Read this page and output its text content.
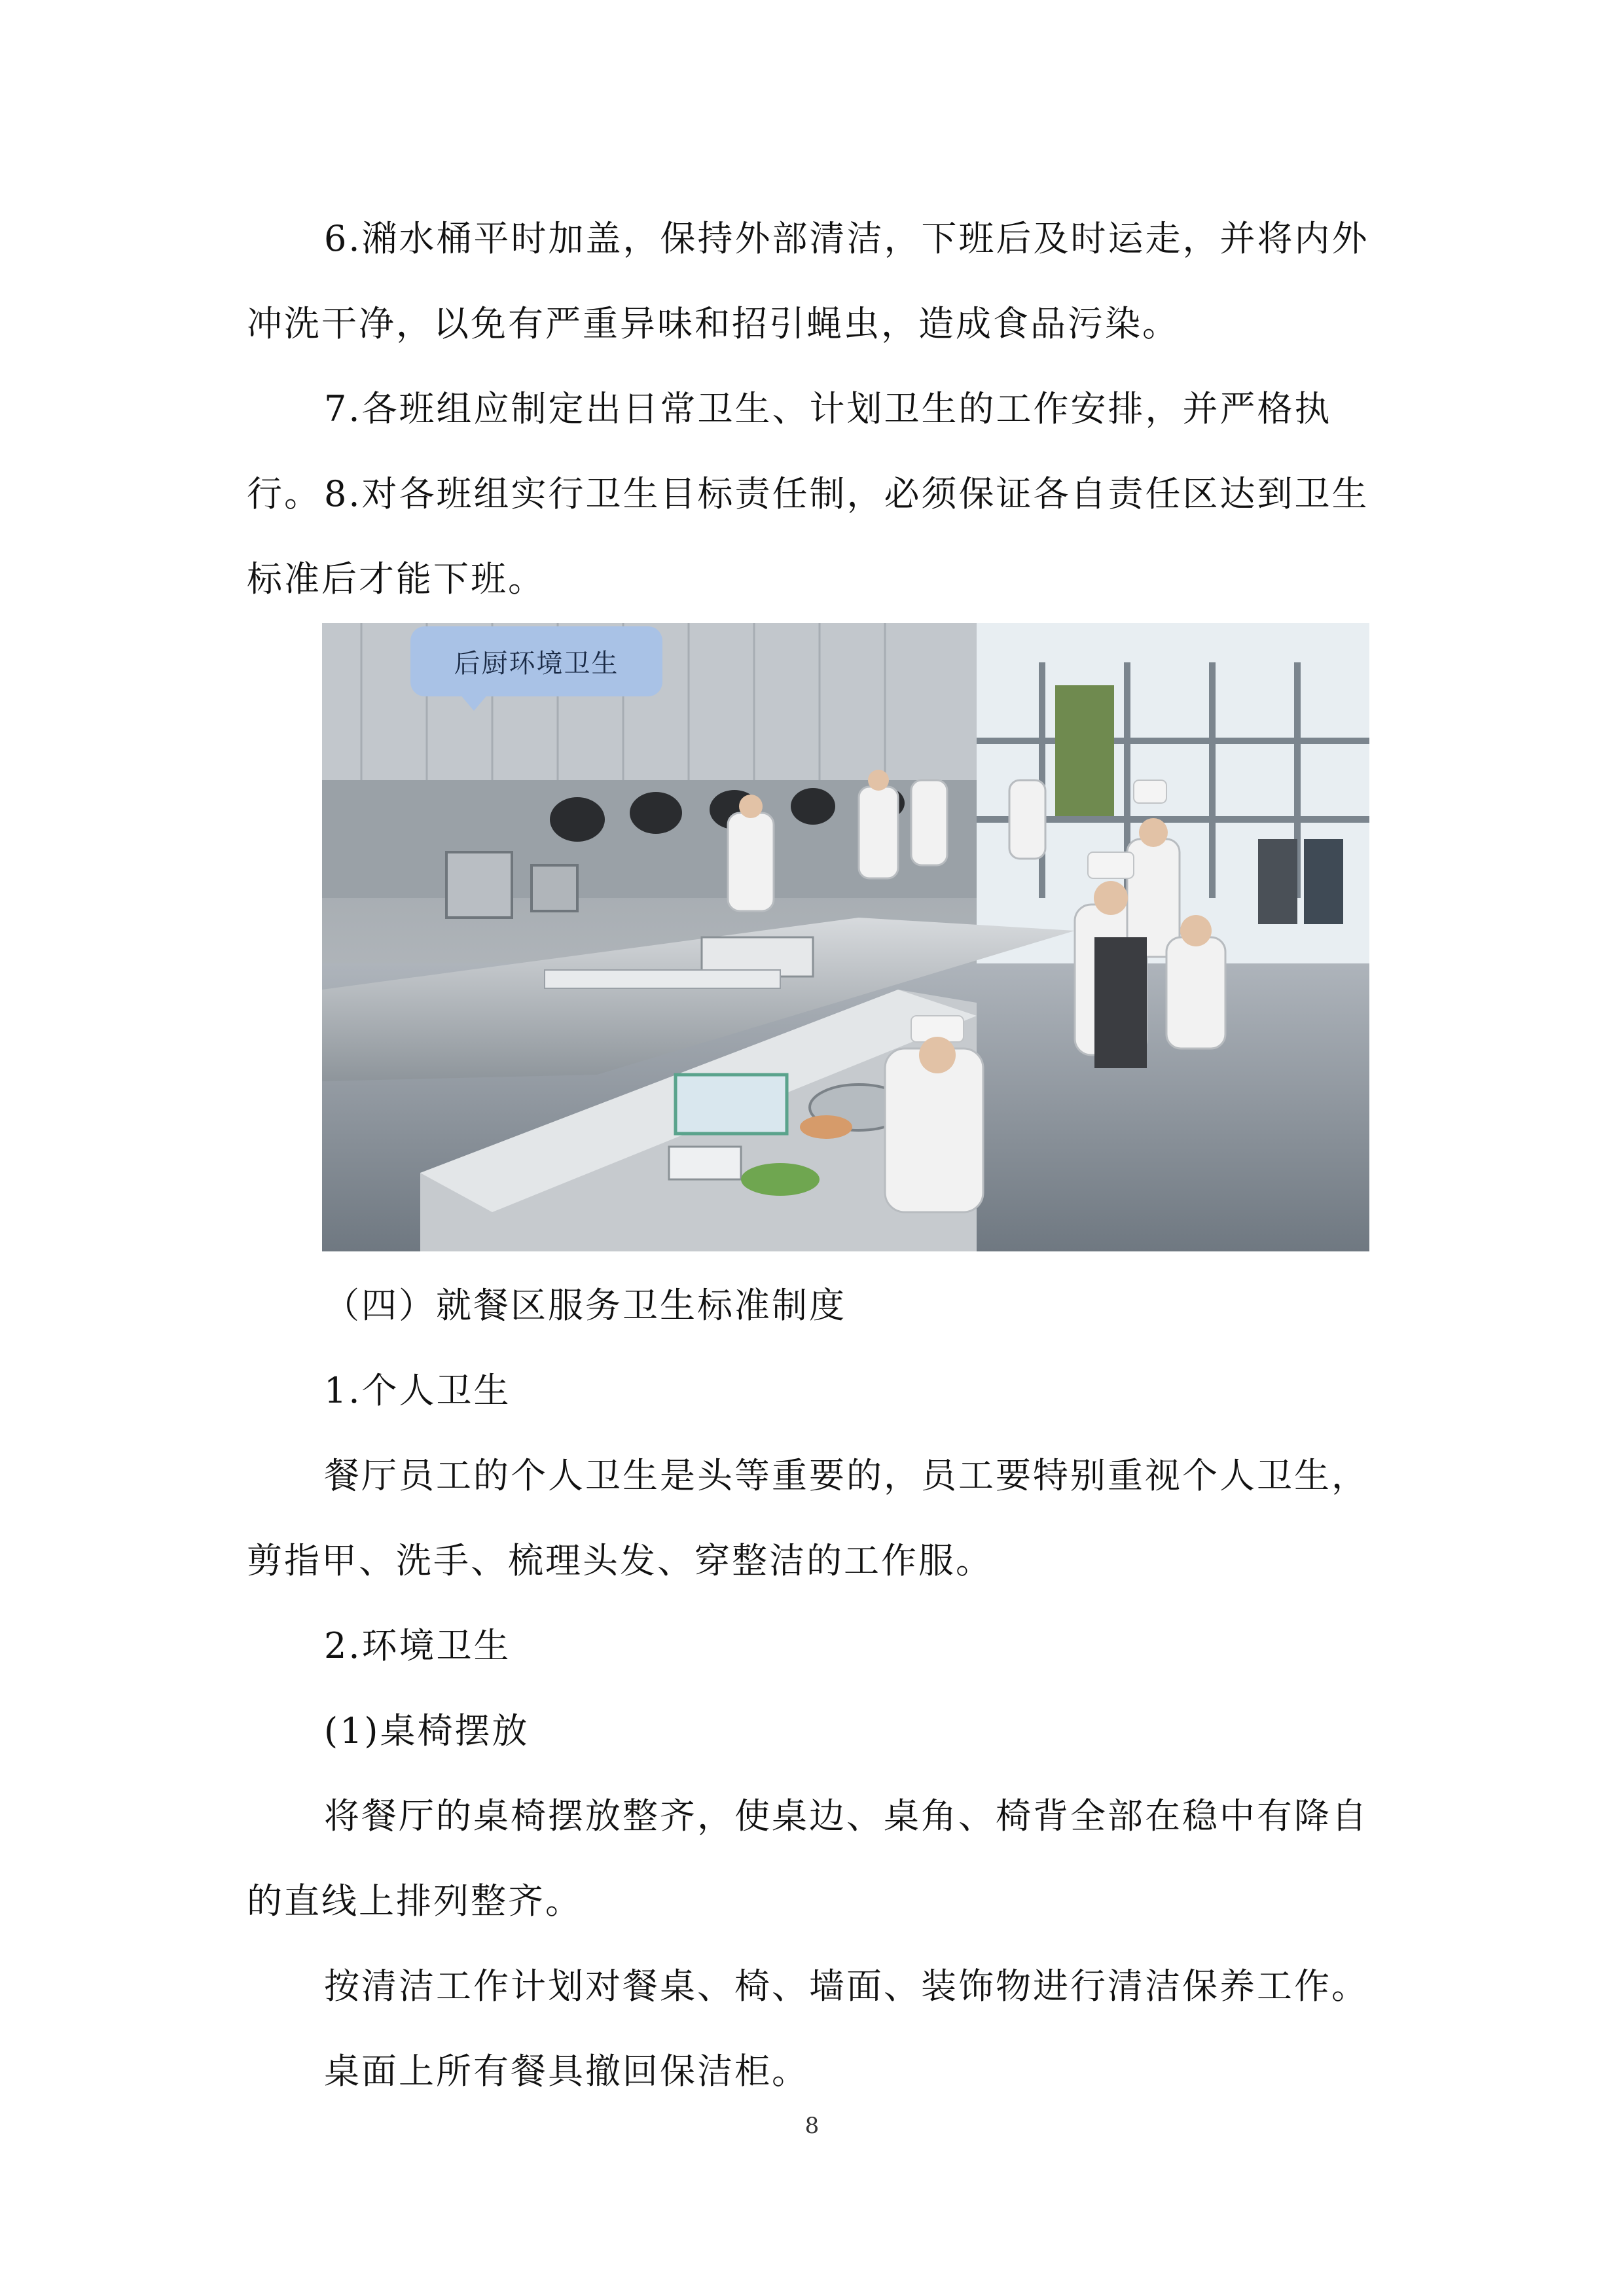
6.潲水桶平时加盖，保持外部清洁，下班后及时运走，并将内外冲洗干净，以免有严重异味和招引蝇虫，造成食品污染。

7.各班组应制定出日常卫生、计划卫生的工作安排，并严格执行。 8.对各班组实行卫生目标责任制，必须保证各自责任区达到卫生标准后才能下班。

后厨环境卫生

（四）就餐区服务卫生标准制度

1.个人卫生

餐厅员工的个人卫生是头等重要的，员工要特别重视个人卫生，剪指甲、洗手、梳理头发、穿整洁的工作服。

2.环境卫生

(1)桌椅摆放

将餐厅的桌椅摆放整齐，使桌边、桌角、椅背全部在稳中有降自的直线上排列整齐。

按清洁工作计划对餐桌、椅、墙面、装饰物进行清洁保养工作。

桌面上所有餐具撤回保洁柜。

8
